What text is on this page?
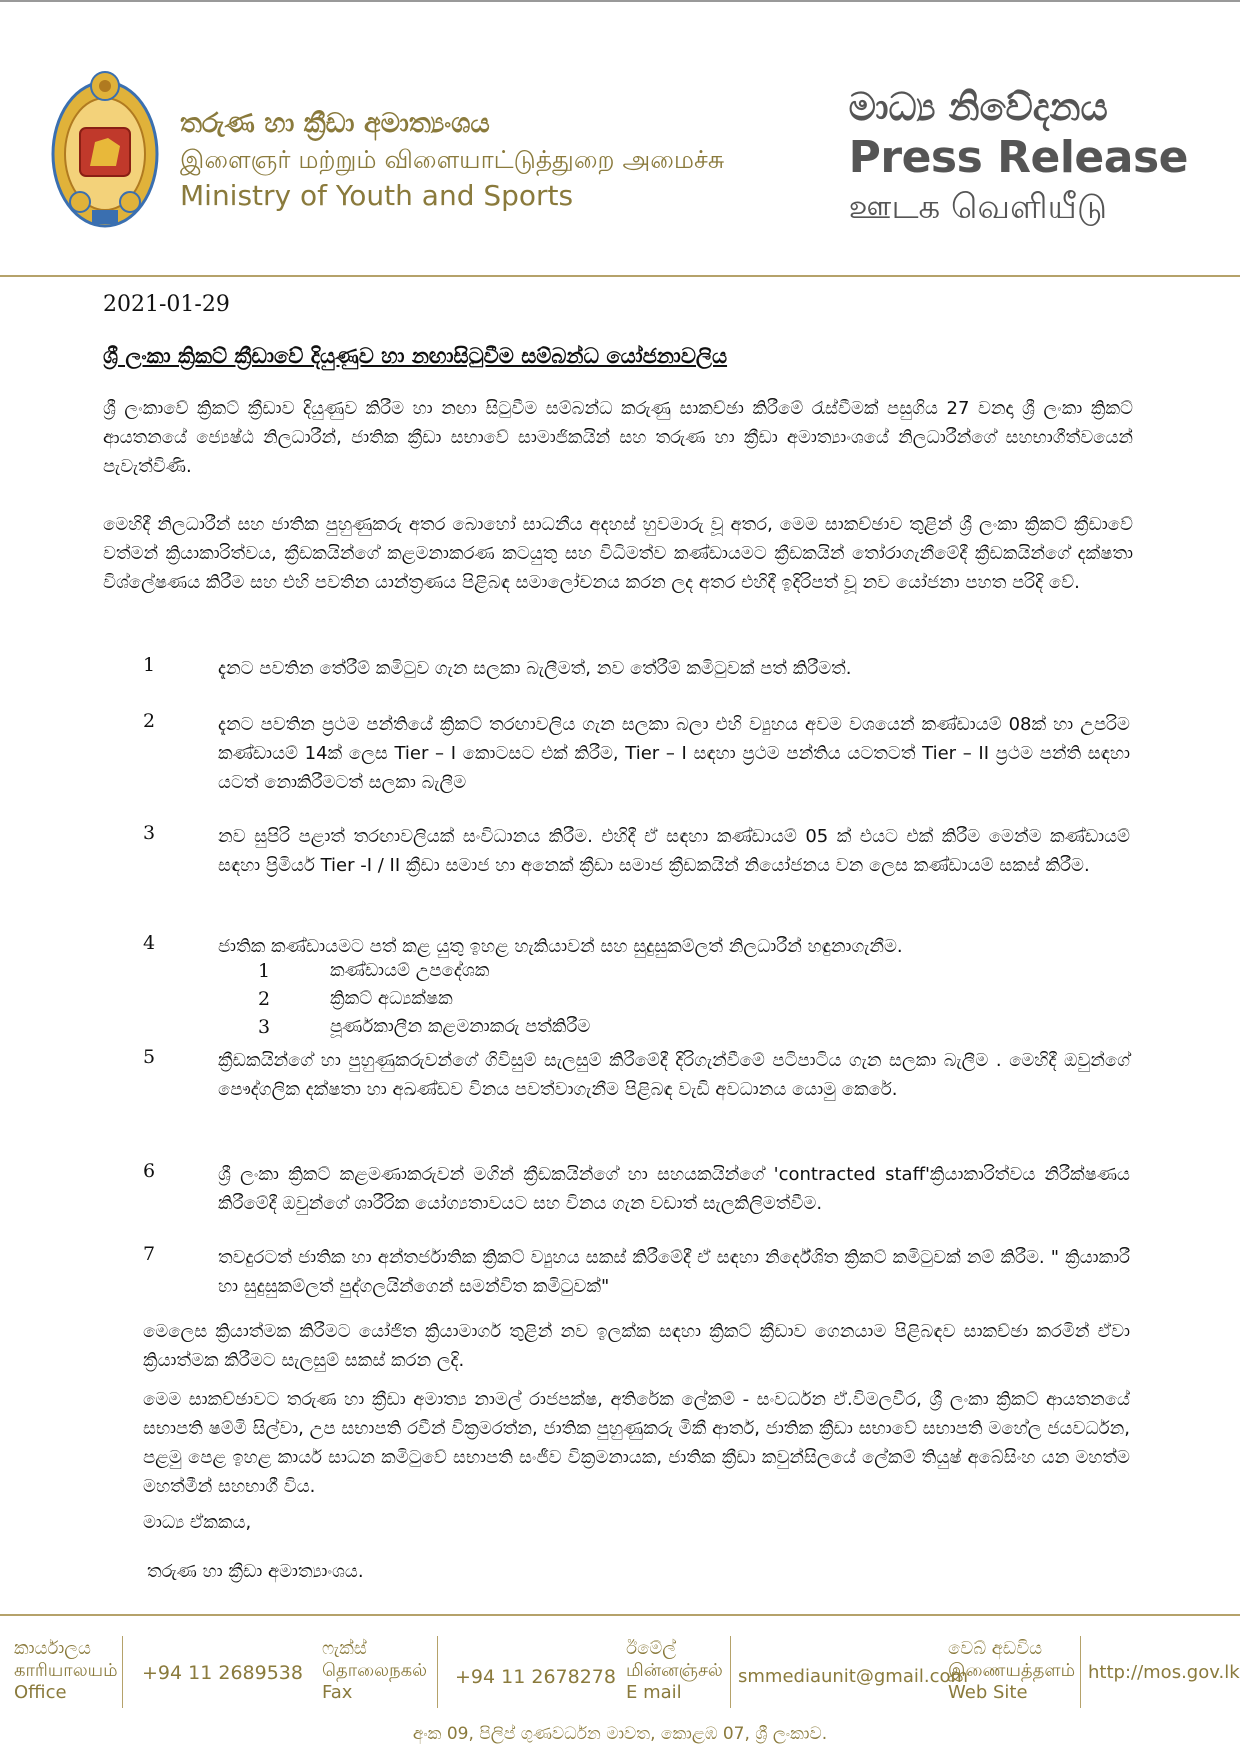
තරුණ හා ක්‍රීඩා අමාත්‍යංශය
இளைஞர் மற்றும் விளையாட்டுத்துறை அமைச்சு
Ministry of Youth and Sports
මාධ්‍ය නිවේදනය
Press Release
ஊடக வெளியீடு
2021-01-29
ශ්‍රී ලංකා ක්‍රිකට් ක්‍රීඩාවේ දියුණුව හා නඟාසිටුවීම සම්බන්ධ යෝජනාවලිය
ශ්‍රී ලංකාවේ ක්‍රිකට් ක්‍රීඩාව දියුණුව කිරීම හා නඟා සිටුවීම සම්බන්ධ කරුණු සාකච්ඡා කිරීමේ රැස්වීමක් පසුගිය 27 වනදා ශ්‍රී ලංකා ක්‍රිකට් ආයතනයේ ජ්‍යෙෂ්ඨ නිලධාරීන්, ජාතික ක්‍රීඩා සභාවේ සාමාජිකයින් සහ තරුණ හා ක්‍රීඩා අමාත්‍යාංශයේ නිලධාරීන්ගේ සහභාගීත්වයෙන් පැවැත්විණි.
මෙහිදී නිලධාරීන් සහ ජාතික පුහුණුකරු අතර බොහෝ සාධනීය අදහස් හුවමාරු වූ අතර, මෙම සාකච්ඡාව තුළින් ශ්‍රී ලංකා ක්‍රිකට් ක්‍රීඩාවේ වත්මන් ක්‍රියාකාරිත්වය, ක්‍රීඩකයින්ගේ කළමනාකරණ කටයුතු සහ විධිමත්ව කණ්ඩායමට ක්‍රීඩකයින් තෝරාගැනීමේදී ක්‍රීඩකයින්ගේ දක්ෂතා විශ්ලේෂණය කිරීම සහ එහි පවතින යාන්ත්‍රණය පිළිබඳ සමාලෝචනය කරන ලද අතර එහිදී ඉදිරිපත් වූ නව යෝජනා පහත පරිදි වේ.
1	දැනට පවතින තේරීම් කමිටුව ගැන සලකා බැලීමත්, නව තේරීම් කමිටුවක් පත් කිරීමත්.
2	දැනට පවතින ප්‍රථම පන්තියේ ක්‍රිකට් තරඟාවලිය ගැන සලකා බලා එහි ව්‍යුහය අවම වශයෙන් කණ්ඩායම් 08ක් හා උපරිම කණ්ඩායම් 14ක් ලෙස Tier – I කොටසට එක් කිරීම, Tier – I සඳහා ප්‍රථම පන්තිය යටතටත් Tier – II ප්‍රථම පන්ති සඳහා යටත් නොකිරීමටත් සලකා බැලීම
3	නව සුපිරි පළාත් තරඟාවලියක් සංවිධානය කිරීම. එහිදී ඒ සඳහා කණ්ඩායම් 05 ක් එයට එක් කිරීම මෙන්ම කණ්ඩායම් සඳහා ප්‍රිමියර් Tier -I / II ක්‍රීඩා සමාජ හා අනෙක් ක්‍රීඩා සමාජ ක්‍රීඩකයින් නියෝජනය වන ලෙස කණ්ඩායම් සකස් කිරීම.
4	ජාතික කණ්ඩායමට පත් කළ යුතු ඉහළ හැකියාවන් සහ සුදුසුකම්ලත් නිලධාරීන් හඳුනාගැනීම.
1	කණ්ඩායම් උපදේශක
2	ක්‍රිකට් අධ්‍යක්ෂක
3	පූර්ණකාලීන කළමනාකරු පත්කිරීම
5	ක්‍රීඩකයින්ගේ හා පුහුණුකරුවන්ගේ ගිවිසුම් සැලසුම් කිරීමේදී දිරිගැන්වීමේ පටිපාටිය ගැන සලකා බැලීම . මෙහිදී ඔවුන්ගේ පෞද්ගලික දක්ෂතා හා අඛණ්ඩව විනය පවත්වාගැනීම පිළිබඳ වැඩි අවධානය යොමු කෙරේ.
6	ශ්‍රී ලංකා ක්‍රිකට් කළමණාකරුවන් මගින් ක්‍රීඩකයින්ගේ හා සහයකයින්ගේ 'contracted staff'ක්‍රියාකාරිත්වය නිරීක්ෂණය කිරීමේදී ඔවුන්ගේ ශාරීරික යෝග්‍යතාවයට සහ විනය ගැන වඩාත් සැලකිලිමත්වීම.
7	තවදුරටත් ජාතික හා අන්තර්ජාතික ක්‍රිකට් ව්‍යුහය සකස් කිරීමේදී ඒ සඳහා නිර්දේශිත ක්‍රිකට් කමිටුවක් නම් කිරීම. " ක්‍රියාකාරී හා සුදුසුකම්ලත් පුද්ගලයින්ගෙන් සමන්විත කමිටුවක්"
මෙලෙස ක්‍රියාත්මක කිරීමට යෝජිත ක්‍රියාමාර්ග තුළින් නව ඉලක්ක සඳහා ක්‍රිකට් ක්‍රීඩාව ගෙනයාම පිළිබඳව සාකච්ඡා කරමින් ඒවා ක්‍රියාත්මක කිරීමට සැලසුම් සකස් කරන ලදි.
මෙම සාකච්ඡාවට තරුණ හා ක්‍රීඩා අමාත්‍ය නාමල් රාජපක්ෂ, අතිරේක ලේකම් - සංවර්ධන ඒ.විමලවීර, ශ්‍රී ලංකා ක්‍රිකට් ආයතනයේ සභාපති ෂම්මි සිල්වා, උප සභාපති රවීන් වික්‍රමරත්න, ජාතික පුහුණුකරු මිකී ආතර්, ජාතික ක්‍රීඩා සභාවේ සභාපති මහේල ජයවර්ධන, පළමු පෙළ ඉහළ කාර්ය සාධන කමිටුවේ සභාපති සංජීව වික්‍රමනායක, ජාතික ක්‍රීඩා කවුන්සිලයේ ලේකම් තියුෂ් අබේසිංහ යන මහත්ම මහත්මීන් සහභාගී විය.
මාධ්‍ය ඒකකය,
තරුණ හා ක්‍රීඩා අමාත්‍යාංශය.
කාර්යාලය
காரியாலயம்
Office
+94 11 2689538
ෆැක්ස්
தொலைநகல்
Fax
+94 11 2678278
ඊමේල්
மின்னஞ்சல்
E mail
smmediaunit@gmail.com
වෙබ් අඩවිය
இணையத்தளம்
Web Site
http://mos.gov.lk
අංක 09, පිලිප් ගුණවර්ධන මාවත, කොළඹ 07, ශ්‍රී ලංකාව.
